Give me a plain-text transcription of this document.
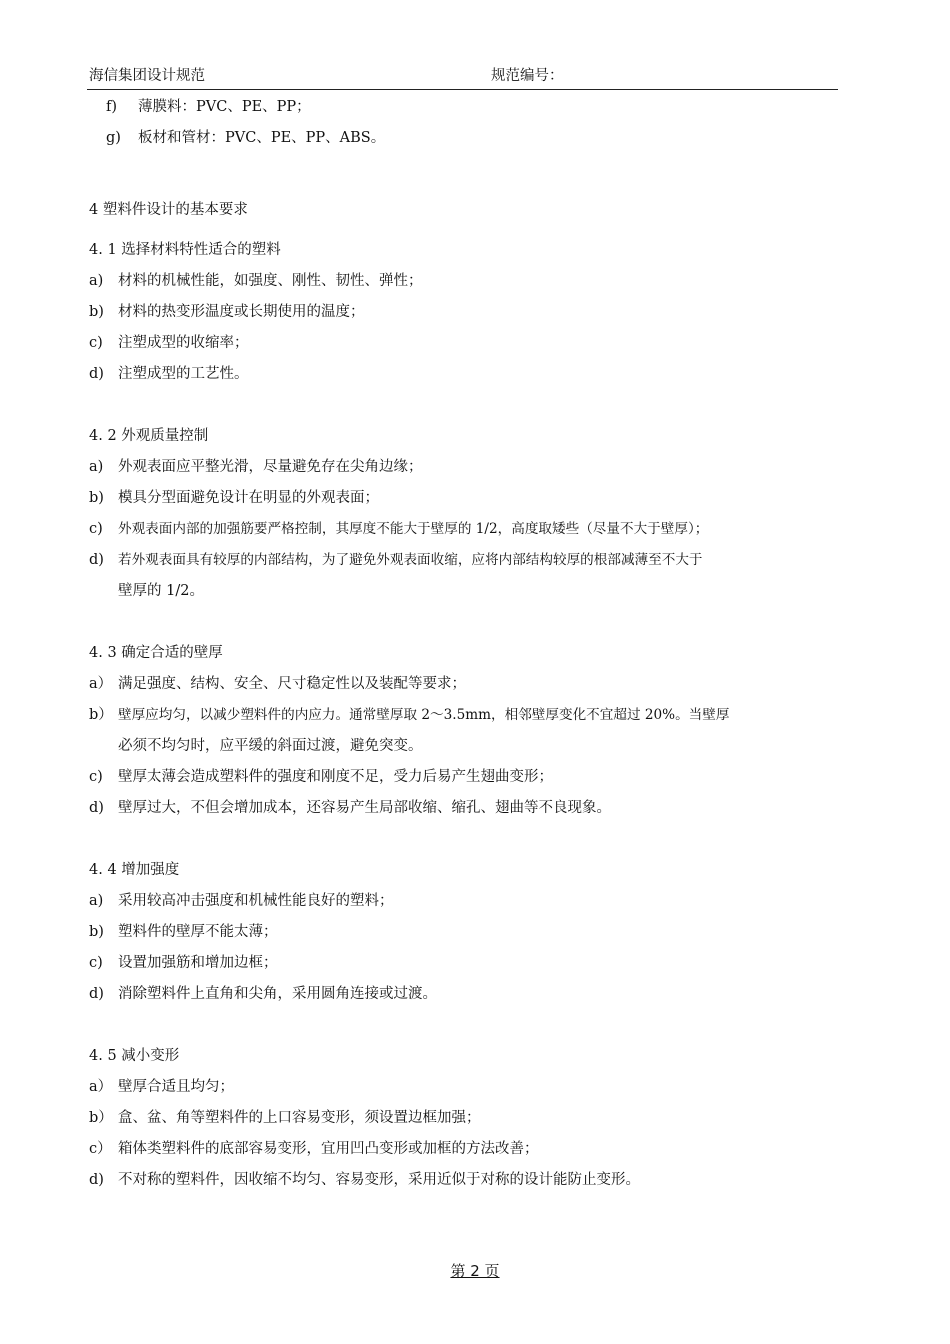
海信集团设计规范	规范编号：
f) 薄膜料：PVC、PE、PP；
g) 板材和管材：PVC、PE、PP、ABS。
4 塑料件设计的基本要求
4. 1 选择材料特性适合的塑料
a) 材料的机械性能，如强度、刚性、韧性、弹性；
b) 材料的热变形温度或长期使用的温度；
c) 注塑成型的收缩率；
d) 注塑成型的工艺性。
4. 2 外观质量控制
a) 外观表面应平整光滑，尽量避免存在尖角边缘；
b) 模具分型面避免设计在明显的外观表面；
c) 外观表面内部的加强筋要严格控制，其厚度不能大于壁厚的 1/2，高度取矮些（尽量不大于壁厚）；
d) 若外观表面具有较厚的内部结构，为了避免外观表面收缩，应将内部结构较厚的根部减薄至不大于
壁厚的 1/2。
4. 3 确定合适的壁厚
a） 满足强度、结构、安全、尺寸稳定性以及装配等要求；
b） 壁厚应均匀，以减少塑料件的内应力。通常壁厚取 2～3.5mm，相邻壁厚变化不宜超过 20%。当壁厚
必须不均匀时，应平缓的斜面过渡，避免突变。
c) 壁厚太薄会造成塑料件的强度和刚度不足，受力后易产生翅曲变形；
d) 壁厚过大，不但会增加成本，还容易产生局部收缩、缩孔、翅曲等不良现象。
4. 4 增加强度
a) 采用较高冲击强度和机械性能良好的塑料；
b) 塑料件的壁厚不能太薄；
c) 设置加强筋和增加边框；
d) 消除塑料件上直角和尖角，采用圆角连接或过渡。
4. 5 减小变形
a） 壁厚合适且均匀；
b） 盒、盆、角等塑料件的上口容易变形，须设置边框加强；
c） 箱体类塑料件的底部容易变形，宜用凹凸变形或加框的方法改善；
d) 不对称的塑料件，因收缩不均匀、容易变形，采用近似于对称的设计能防止变形。
第 2 页
